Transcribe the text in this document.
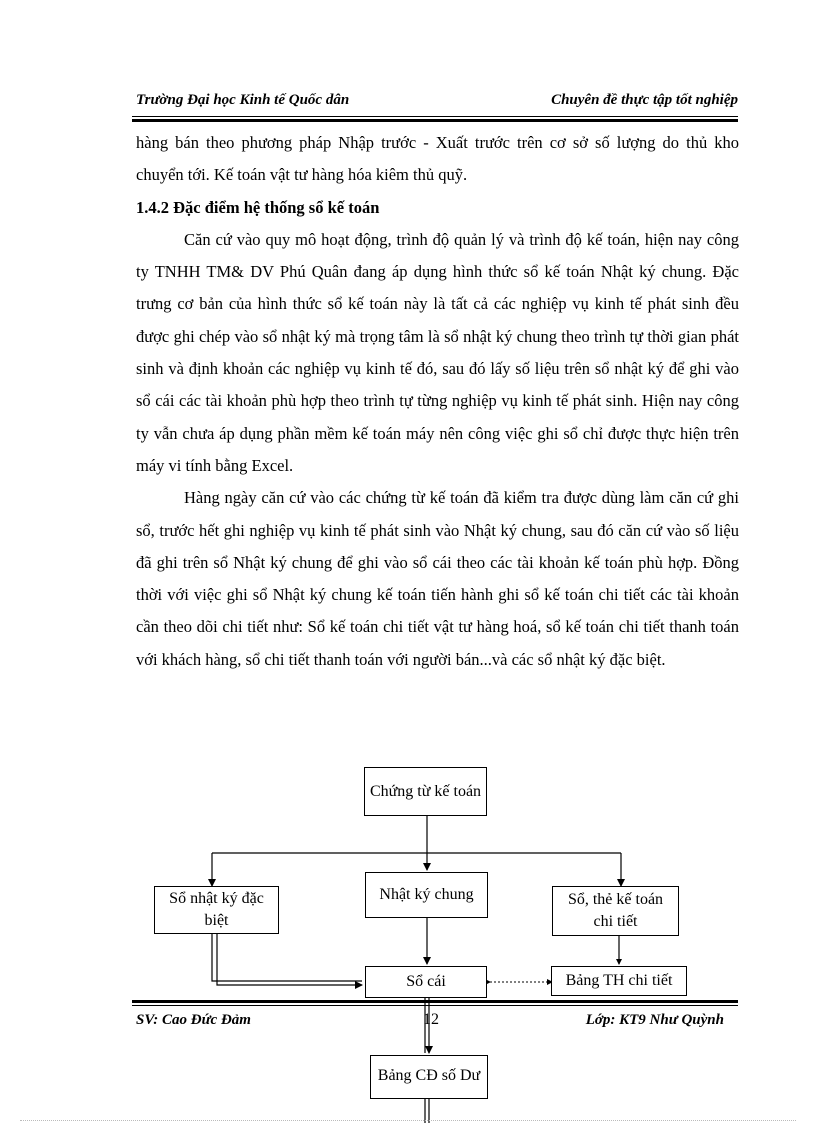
Trường Đại học Kinh tế Quốc dân	Chuyên đề thực tập tốt nghiệp

hàng bán theo phương pháp Nhập trước - Xuất trước trên cơ sở số lượng do thủ kho chuyển tới. Kế toán vật tư hàng hóa kiêm thủ quỹ.

1.4.2 Đặc điểm hệ thống sổ kế toán

Căn cứ vào quy mô hoạt động, trình độ quản lý và trình độ kế toán, hiện nay công ty TNHH TM& DV Phú Quân đang áp dụng hình thức sổ kế toán Nhật ký chung. Đặc trưng cơ bản của hình thức sổ kế toán này là tất cả các nghiệp vụ kinh tế phát sinh đều được ghi chép vào sổ nhật ký mà trọng tâm là sổ nhật ký chung theo trình tự thời gian phát sinh và định khoản các nghiệp vụ kinh tế đó, sau đó lấy số liệu trên sổ nhật ký để ghi vào sổ cái các tài khoản phù hợp theo trình tự từng nghiệp vụ kinh tế phát sinh. Hiện nay công ty vẫn chưa áp dụng phần mềm kế toán máy nên công việc ghi sổ chỉ được thực hiện trên máy vi tính bằng Excel.

Hàng ngày căn cứ vào các chứng từ kế toán đã kiểm tra được dùng làm căn cứ ghi sổ, trước hết ghi nghiệp vụ kinh tế phát sinh vào Nhật ký chung, sau đó căn cứ vào số liệu đã ghi trên sổ Nhật ký chung để ghi vào sổ cái theo các tài khoản kế toán phù hợp. Đồng thời với việc ghi sổ Nhật ký chung kế toán tiến hành ghi sổ kế toán chi tiết các tài khoản cần theo dõi chi tiết như: Sổ kế toán chi tiết vật tư hàng hoá, sổ kế toán chi tiết thanh toán với khách hàng, sổ chi tiết thanh toán với người bán...và các sổ nhật ký đặc biệt.

Chứng từ kế toán
Sổ nhật ký đặc biệt
Nhật ký chung	Sổ, thẻ kế toán chi tiết
Sổ cái	Bảng TH chi tiết
SV: Cao Đức Đảm	12	Lớp: KT9 Như Quỳnh
Bảng CĐ số Dư
